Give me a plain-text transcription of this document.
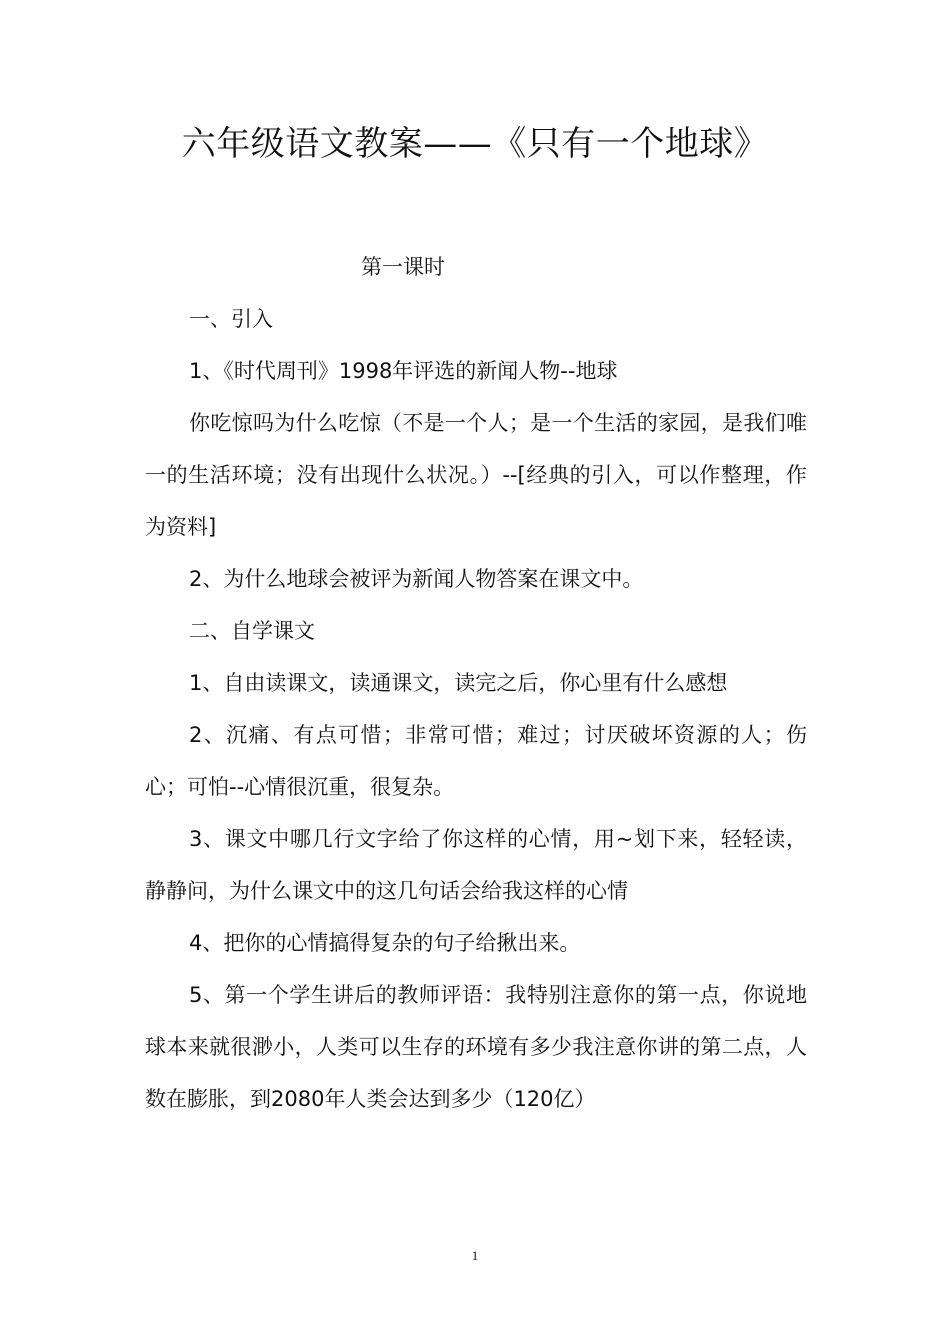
六年级语文教案——《只有一个地球》

第一课时

一、引入

1、《时代周刊》1998年评选的新闻人物--地球

你吃惊吗为什么吃惊（不是一个人；是一个生活的家园，是我们唯一的生活环境；没有出现什么状况。）--[经典的引入，可以作整理，作为资料]

2、为什么地球会被评为新闻人物答案在课文中。

二、自学课文

1、自由读课文，读通课文，读完之后，你心里有什么感想

2、沉痛、有点可惜；非常可惜；难过；讨厌破坏资源的人；伤心；可怕--心情很沉重，很复杂。

3、课文中哪几行文字给了你这样的心情，用~划下来，轻轻读，静静问，为什么课文中的这几句话会给我这样的心情

4、把你的心情搞得复杂的句子给揪出来。

5、第一个学生讲后的教师评语：我特别注意你的第一点，你说地球本来就很渺小，人类可以生存的环境有多少我注意你讲的第二点，人数在膨胀，到2080年人类会达到多少（120亿）

1
